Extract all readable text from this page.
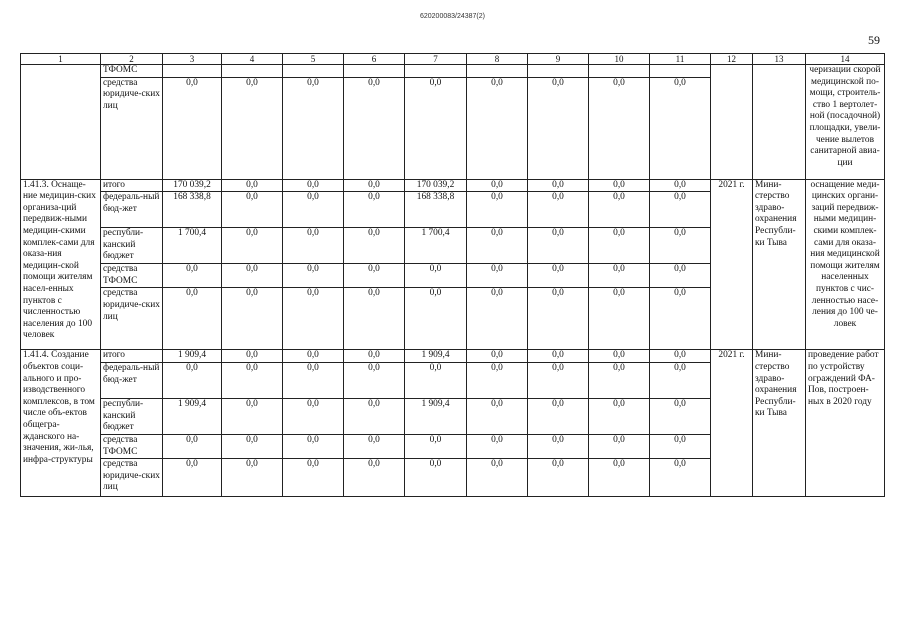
620200083/24387(2)
59
1	2	3	4	5	6	7	8	9	10	11	12	13	14
	ТФОМС												черизации скорой медицинской по-мощи, строитель-ство 1 вертолет-ной (посадочной) площадки, увели-чение вылетов санитарной авиа-ции
	средства юридиче-ских лиц	0,0	0,0	0,0	0,0	0,0	0,0	0,0	0,0	0,0			
1.41.3. Оснаще-ние медицин-ских организа-ций передвиж-ными медицин-скими комплек-сами для оказа-ния медицин-ской помощи жителям насел-енных пунктов с численностью населения до 100 человек	итого	170 039,2	0,0	0,0	0,0	170 039,2	0,0	0,0	0,0	0,0	2021 г.	Мини-стерство здраво-охранения Республи-ки Тыва	оснащение меди-цинских органи-заций передвиж-ными медицин-скими комплек-сами для оказа-ния медицинской помощи жителям населенных пунктов с чис-ленностью насе-ления до 100 че-ловек
	федераль-ный бюд-жет	168 338,8	0,0	0,0	0,0	168 338,8	0,0	0,0	0,0	0,0			
	республи-канский бюджет	1 700,4	0,0	0,0	0,0	1 700,4	0,0	0,0	0,0	0,0			
	средства ТФОМС	0,0	0,0	0,0	0,0	0,0	0,0	0,0	0,0	0,0			
	средства юридиче-ских лиц	0,0	0,0	0,0	0,0	0,0	0,0	0,0	0,0	0,0			
1.41.4. Создание объектов соци-ального и про-изводственного комплексов, в том числе объ-ектов общегра-жданского на-значения, жи-лья, инфра-структуры	итого	1 909,4	0,0	0,0	0,0	1 909,4	0,0	0,0	0,0	0,0	2021 г.	Мини-стерство здраво-охранения Республи-ки Тыва	проведение работ по устройству ограждений ФА-Пов, построен-ных в 2020 году
	федераль-ный бюд-жет	0,0	0,0	0,0	0,0	0,0	0,0	0,0	0,0	0,0			
	республи-канский бюджет	1 909,4	0,0	0,0	0,0	1 909,4	0,0	0,0	0,0	0,0			
	средства ТФОМС	0,0	0,0	0,0	0,0	0,0	0,0	0,0	0,0	0,0			
	средства юридиче-ских лиц	0,0	0,0	0,0	0,0	0,0	0,0	0,0	0,0	0,0			
